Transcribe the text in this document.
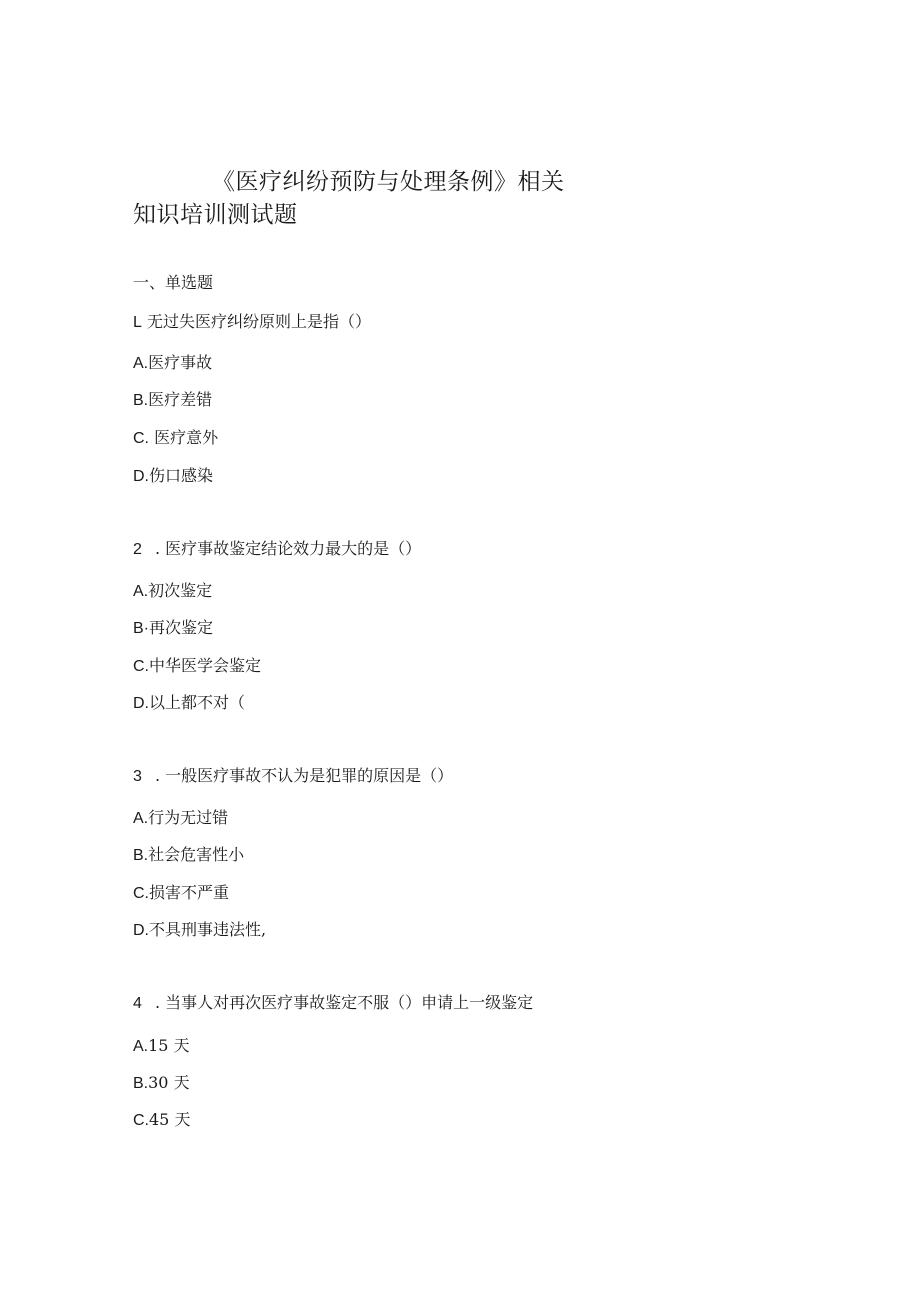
《医疗纠纷预防与处理条例》相关
知识培训测试题
一、单选题
L 无过失医疗纠纷原则上是指（）
A.医疗事故
B.医疗差错
C. 医疗意外
D.伤口感染
2 . 医疗事故鉴定结论效力最大的是（）
A.初次鉴定
B·再次鉴定
C.中华医学会鉴定
D.以上都不对（
3 . 一般医疗事故不认为是犯罪的原因是（）
A.行为无过错
B.社会危害性小
C.损害不严重
D.不具刑事违法性,
4 . 当事人对再次医疗事故鉴定不服（）申请上一级鉴定
A.15 天
B.30 天
C.45 天
